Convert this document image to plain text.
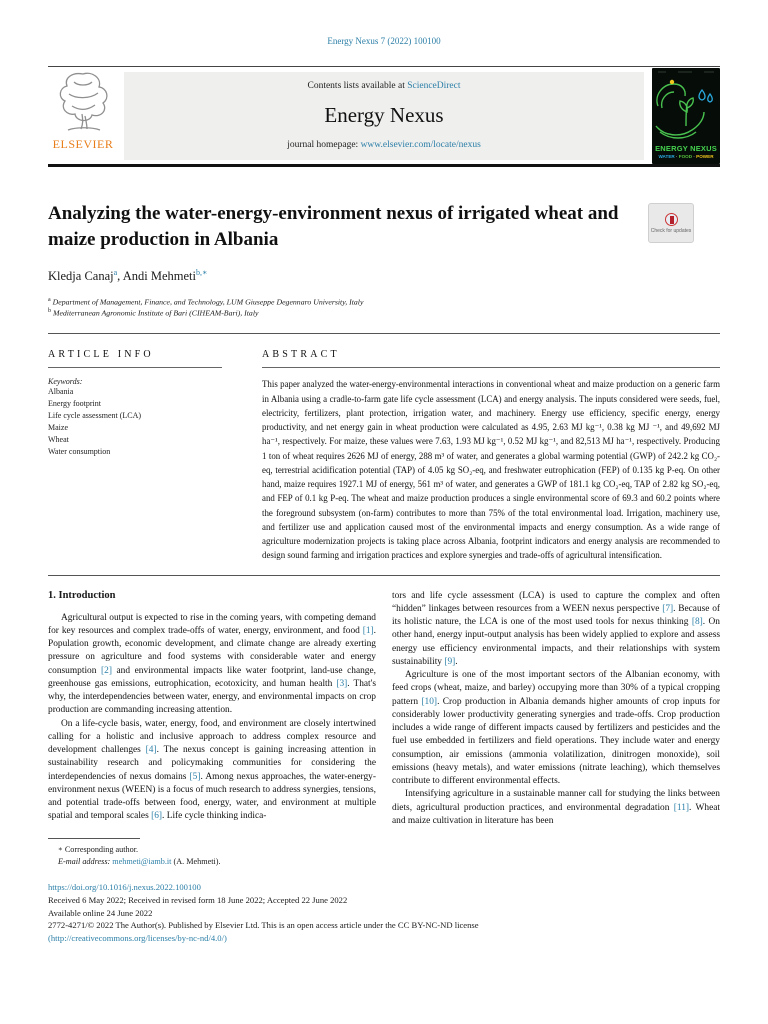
Energy Nexus 7 (2022) 100100
ELSEVIER
Contents lists available at ScienceDirect
Energy Nexus
journal homepage: www.elsevier.com/locate/nexus	ENERGY NEXUS
WATER · FOOD · POWER
Analyzing the water-energy-environment nexus of irrigated wheat and maize production in Albania	Check for updates
Kledja Canaj$^a$, Andi Mehmeti$^{b,∗}$
$^a$ Department of Management, Finance, and Technology, LUM Giuseppe Degennaro University, Italy
$^b$ Mediterranean Agronomic Institute of Bari (CIHEAM-Bari), Italy
ARTICLE INFO
Keywords:
Albania
Energy footprint
Life cycle assessment (LCA)
Maize
Wheat
Water consumption
ABSTRACT
This paper analyzed the water-energy-environmental interactions in conventional wheat and maize production on a generic farm in Albania using a cradle-to-farm gate life cycle assessment (LCA) and energy analysis. The inputs considered were seeds, fuel, electricity, fertilizers, plant protection, irrigation water, and machinery. Energy use efficiency, specific energy, energy productivity, and net energy gain in wheat production were calculated as 4.95, 2.63 MJ kg⁻¹, 0.38 kg MJ ⁻¹, and 49,692 MJ ha⁻¹, respectively. For maize, these values were 7.63, 1.93 MJ kg⁻¹, 0.52 MJ kg⁻¹, and 82,513 MJ ha⁻¹, respectively. Producing 1 ton of wheat requires 2626 MJ of energy, 288 m³ of water, and generates a global warming potential (GWP) of 242.2 kg CO₂-eq, terrestrial acidification potential (TAP) of 4.05 kg SO₂-eq, and freshwater eutrophication (FEP) of 0.135 kg P-eq. On other hand, maize requires 1927.1 MJ of energy, 561 m³ of water, and generates a GWP of 181.1 kg CO₂-eq, TAP of 2.82 kg SO₂-eq, and FEP of 0.1 kg P-eq. The wheat and maize production produces a single environmental score of 69.3 and 60.2 points where the foreground subsystem (on-farm) contributes to more than 75% of the total environmental load. Irrigation, machinery use, and fertilizer use and application caused most of the environmental impacts and energy consumption. As a wide range of agriculture modernization projects is taking place across Albania, footprint indicators and energy analysis are recommended to design sound farming and irrigation practices and explore synergies and trade-offs of agricultural intensification.
1. Introduction

Agricultural output is expected to rise in the coming years, with competing demand for key resources and complex trade-offs of water, energy, environment, and food [1]. Population growth, economic development, and climate change are already exerting pressure on agriculture and food systems with considerable water and energy consumption [2] and environmental impacts like water footprint, land-use change, greenhouse gas emissions, eutrophication, ecotoxicity, and human health [3]. That's why, the interdependencies between water, energy, and environmental impacts on crop production are commanding increasing attention.

On a life-cycle basis, water, energy, food, and environment are closely intertwined calling for a holistic and inclusive approach to address complex resource and development challenges [4]. The nexus concept is gaining increasing attention in sustainability research and policymaking communities for considering the interdependencies of nexus domains [5]. Among nexus approaches, the water-energy-environment nexus (WEEN) is a focus of much research to address synergies, tensions, and potential trade-offs between food, energy, water, and environment at multiple spatial and temporal scales [6]. Life cycle thinking indica-

tors and life cycle assessment (LCA) is used to capture the complex and often “hidden” linkages between resources from a WEEN nexus perspective [7]. Because of its holistic nature, the LCA is one of the most used tools for nexus thinking [8]. On other hand, energy input-output analysis has been widely applied to explore and assess energy use efficiency environmental impacts, and their relationships with system sustainability [9].

Agriculture is one of the most important sectors of the Albanian economy, with feed crops (wheat, maize, and barley) occupying more than 30% of a typical cropping pattern [10]. Crop production in Albania demands higher amounts of crop inputs for considerably lower productivity generating synergies and trade-offs. Crop production includes a wide range of different impacts caused by fertilizers and pesticides and the fuel use embedded in fertilizers and field operations. They include water and energy consumption, air emissions (ammonia volatilization, dinitrogen monoxide), soil emissions (heavy metals), and water emissions (nitrate leaching), which themselves contribute to different environmental effects.

Intensifying agriculture in a sustainable manner call for studying the links between diets, agricultural production practices, and environmental degradation [11]. Wheat and maize cultivation in literature has been

∗ Corresponding author.
E-mail address: mehmeti@iamb.it (A. Mehmeti).
https://doi.org/10.1016/j.nexus.2022.100100
Received 6 May 2022; Received in revised form 18 June 2022; Accepted 22 June 2022
Available online 24 June 2022
2772-4271/© 2022 The Author(s). Published by Elsevier Ltd. This is an open access article under the CC BY-NC-ND license
(http://creativecommons.org/licenses/by-nc-nd/4.0/)
